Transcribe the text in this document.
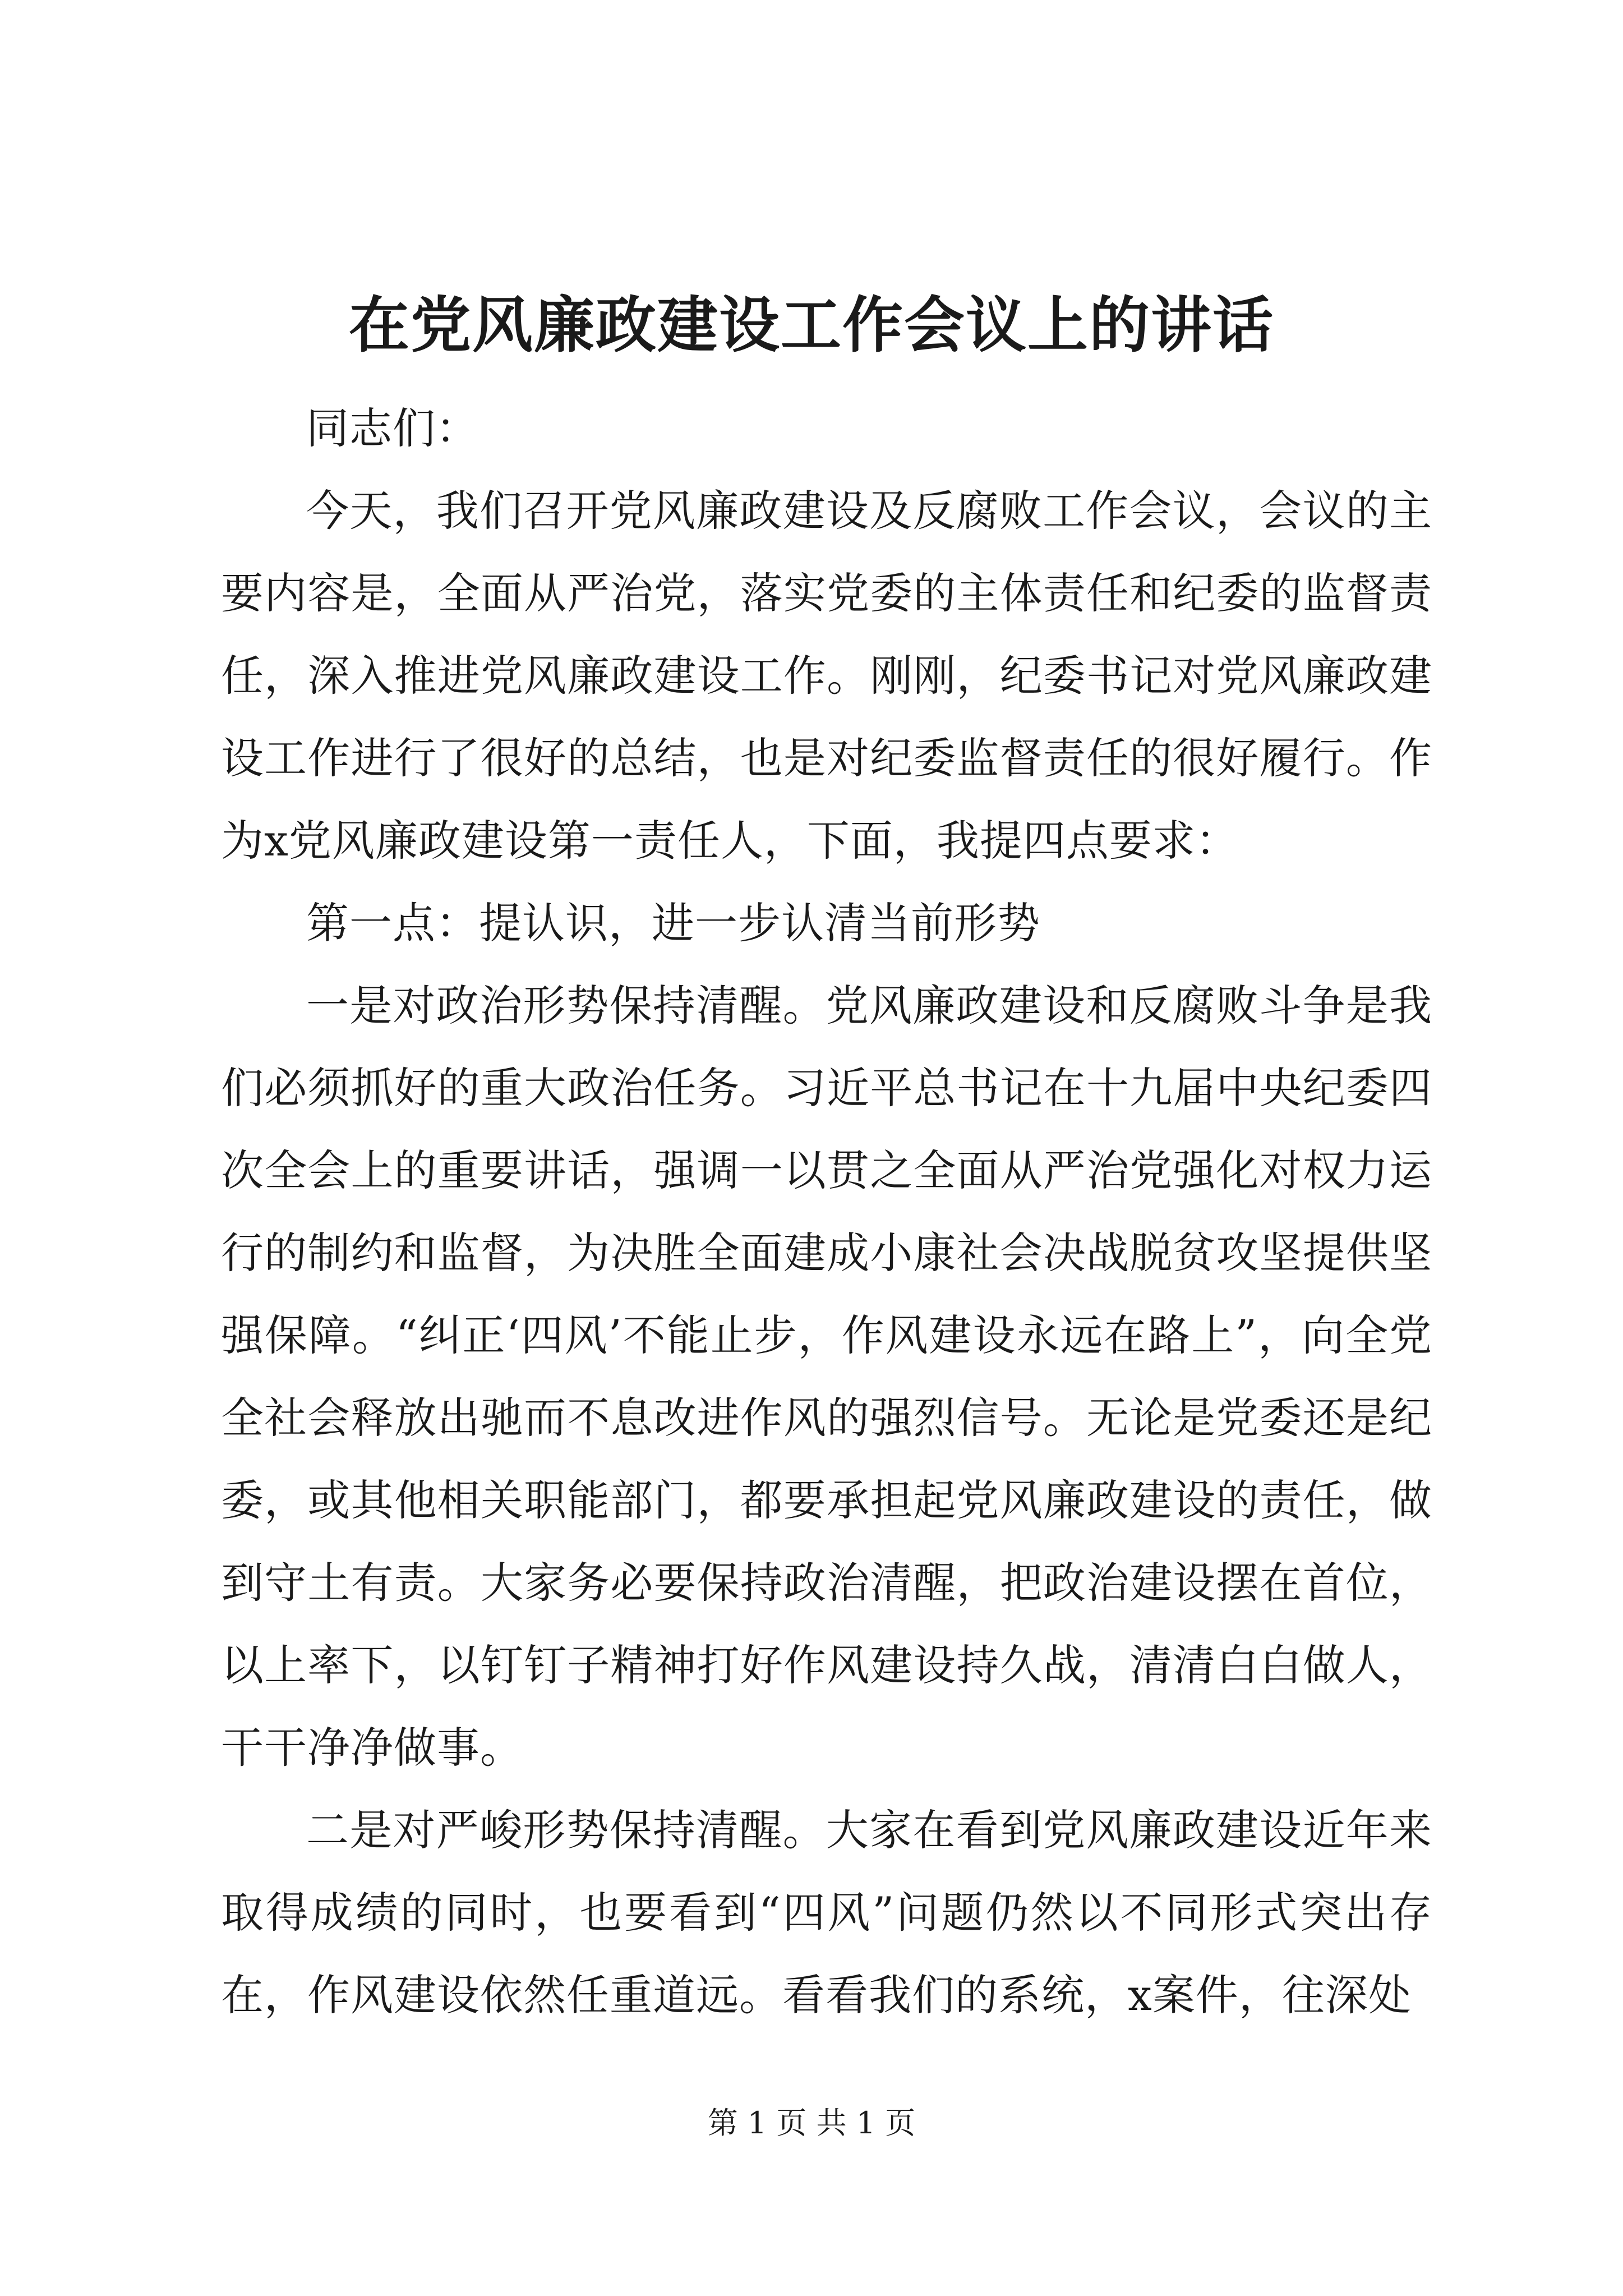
在党风廉政建设工作会议上的讲话

同志们：

今天，我们召开党风廉政建设及反腐败工作会议，会议的主要内容是，全面从严治党，落实党委的主体责任和纪委的监督责任，深入推进党风廉政建设工作。刚刚，纪委书记对党风廉政建设工作进行了很好的总结，也是对纪委监督责任的很好履行。作为x党风廉政建设第一责任人，下面，我提四点要求：

第一点：提认识，进一步认清当前形势

一是对政治形势保持清醒。党风廉政建设和反腐败斗争是我们必须抓好的重大政治任务。习近平总书记在十九届中央纪委四次全会上的重要讲话，强调一以贯之全面从严治党强化对权力运行的制约和监督，为决胜全面建成小康社会决战脱贫攻坚提供坚强保障。“纠正‘四风’不能止步，作风建设永远在路上”，向全党全社会释放出驰而不息改进作风的强烈信号。无论是党委还是纪委，或其他相关职能部门，都要承担起党风廉政建设的责任，做到守土有责。大家务必要保持政治清醒，把政治建设摆在首位，以上率下，以钉钉子精神打好作风建设持久战，清清白白做人，干干净净做事。

二是对严峻形势保持清醒。大家在看到党风廉政建设近年来取得成绩的同时，也要看到“四风”问题仍然以不同形式突出存在，作风建设依然任重道远。看看我们的系统，x案件，往深处

第 1 页 共 1 页
